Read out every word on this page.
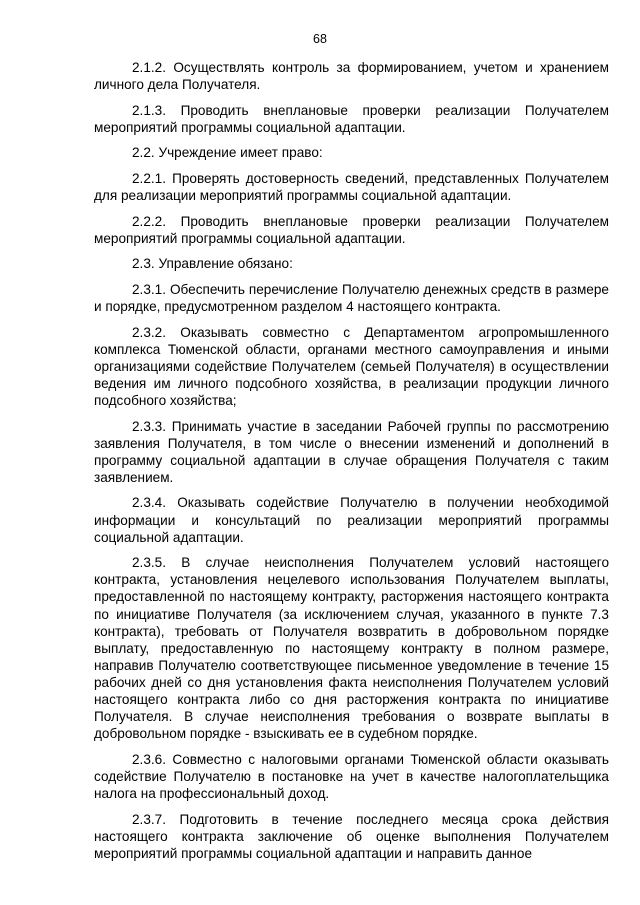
68

2.1.2. Осуществлять контроль за формированием, учетом и хранением личного дела Получателя.

2.1.3. Проводить внеплановые проверки реализации Получателем мероприятий программы социальной адаптации.

2.2. Учреждение имеет право:

2.2.1. Проверять достоверность сведений, представленных Получателем для реализации мероприятий программы социальной адаптации.

2.2.2. Проводить внеплановые проверки реализации Получателем мероприятий программы социальной адаптации.

2.3. Управление обязано:

2.3.1. Обеспечить перечисление Получателю денежных средств в размере и порядке, предусмотренном разделом 4 настоящего контракта.

2.3.2. Оказывать совместно с Департаментом агропромышленного комплекса Тюменской области, органами местного самоуправления и иными организациями содействие Получателем (семьей Получателя) в осуществлении ведения им личного подсобного хозяйства, в реализации продукции личного подсобного хозяйства;

2.3.3. Принимать участие в заседании Рабочей группы по рассмотрению заявления Получателя, в том числе о внесении изменений и дополнений в программу социальной адаптации в случае обращения Получателя с таким заявлением.

2.3.4. Оказывать содействие Получателю в получении необходимой информации и консультаций по реализации мероприятий программы социальной адаптации.

2.3.5. В случае неисполнения Получателем условий настоящего контракта, установления нецелевого использования Получателем выплаты, предоставленной по настоящему контракту, расторжения настоящего контракта по инициативе Получателя (за исключением случая, указанного в пункте 7.3 контракта), требовать от Получателя возвратить в добровольном порядке выплату, предоставленную по настоящему контракту в полном размере, направив Получателю соответствующее письменное уведомление в течение 15 рабочих дней со дня установления факта неисполнения Получателем условий настоящего контракта либо со дня расторжения контракта по инициативе Получателя. В случае неисполнения требования о возврате выплаты в добровольном порядке - взыскивать ее в судебном порядке.

2.3.6. Совместно с налоговыми органами Тюменской области оказывать содействие Получателю в постановке на учет в качестве налогоплательщика налога на профессиональный доход.

2.3.7. Подготовить в течение последнего месяца срока действия настоящего контракта заключение об оценке выполнения Получателем мероприятий программы социальной адаптации и направить данное
